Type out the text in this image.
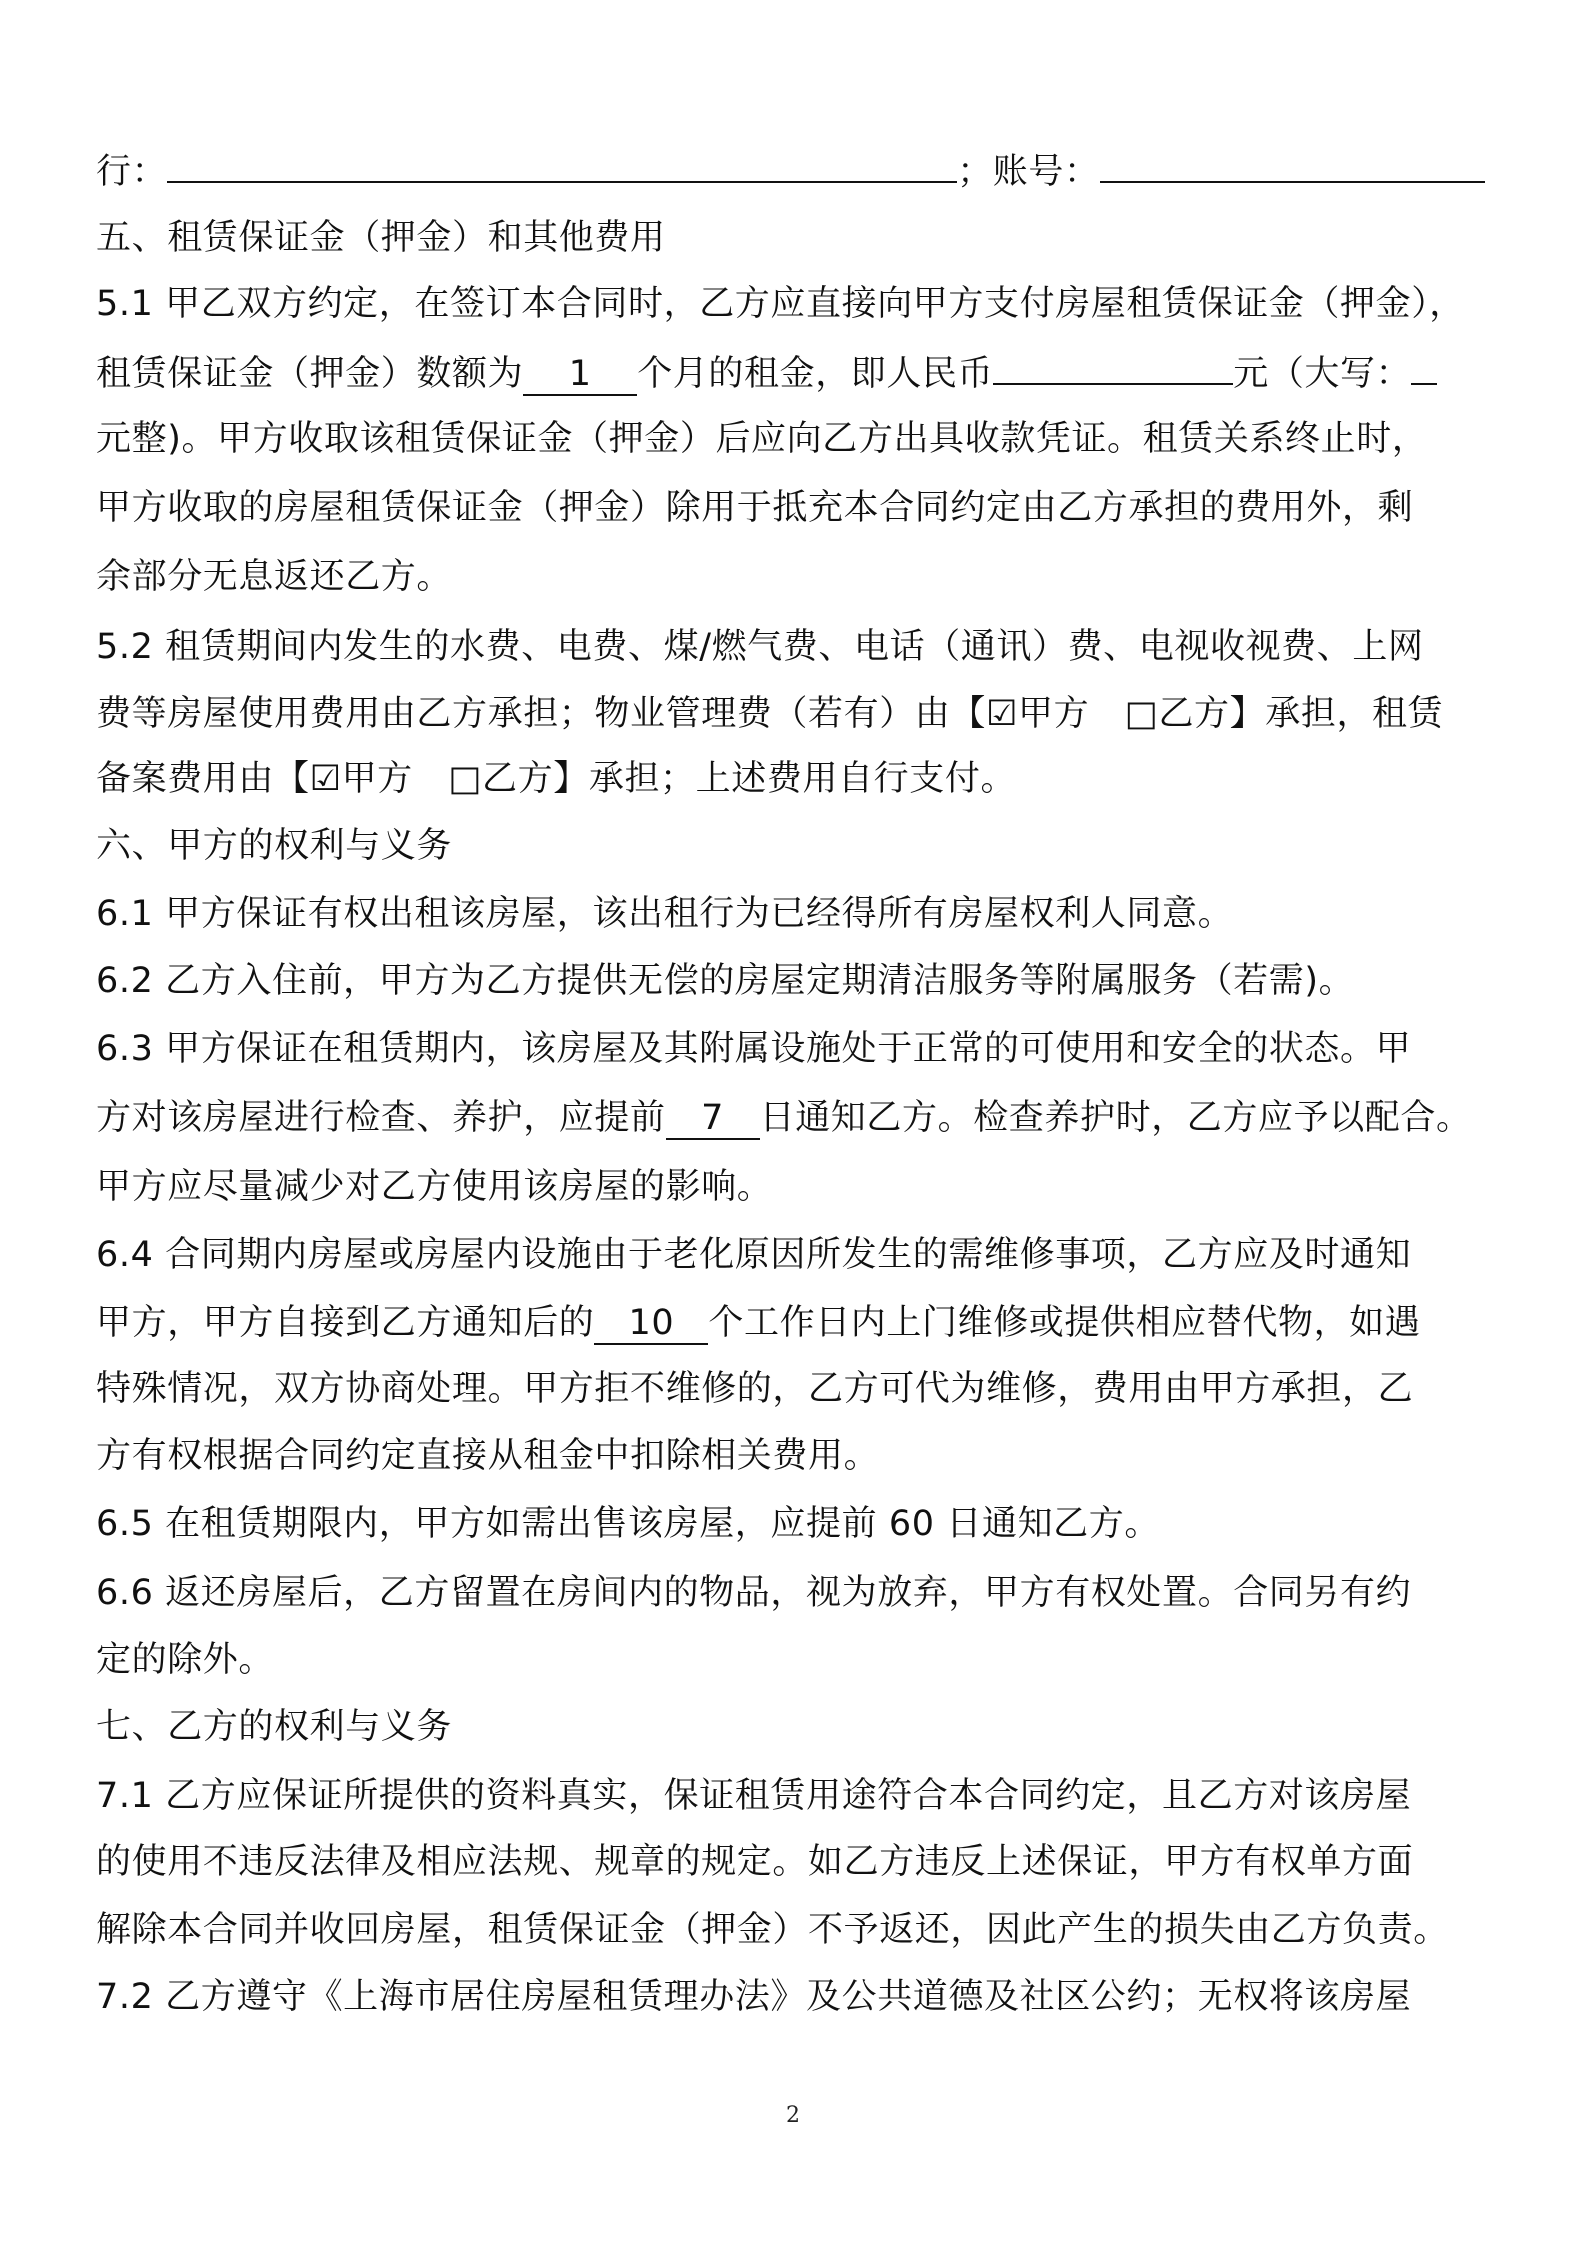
行：	；账号：
五、租赁保证金（押金）和其他费用
5.1 甲乙双方约定，在签订本合同时，乙方应直接向甲方支付房屋租赁保证金（押金），
租赁保证金（押金）数额为 1 个月的租金，即人民币	元（大写：
元整)。甲方收取该租赁保证金（押金）后应向乙方出具收款凭证。租赁关系终止时，
甲方收取的房屋租赁保证金（押金）除用于抵充本合同约定由乙方承担的费用外，剩
余部分无息返还乙方。
5.2 租赁期间内发生的水费、电费、煤/燃气费、电话（通讯）费、电视收视费、上网
费等房屋使用费用由乙方承担；物业管理费（若有）由【☑甲方　□乙方】承担，租赁
备案费用由【☑甲方　□乙方】承担；上述费用自行支付。
六、甲方的权利与义务
6.1 甲方保证有权出租该房屋，该出租行为已经得所有房屋权利人同意。
6.2 乙方入住前，甲方为乙方提供无偿的房屋定期清洁服务等附属服务（若需)。
6.3 甲方保证在租赁期内，该房屋及其附属设施处于正常的可使用和安全的状态。甲
方对该房屋进行检查、养护，应提前 7 日通知乙方。检查养护时，乙方应予以配合。
甲方应尽量减少对乙方使用该房屋的影响。
6.4 合同期内房屋或房屋内设施由于老化原因所发生的需维修事项，乙方应及时通知
甲方，甲方自接到乙方通知后的 10 个工作日内上门维修或提供相应替代物，如遇
特殊情况，双方协商处理。甲方拒不维修的，乙方可代为维修，费用由甲方承担，乙
方有权根据合同约定直接从租金中扣除相关费用。
6.5 在租赁期限内，甲方如需出售该房屋，应提前 60 日通知乙方。
6.6 返还房屋后，乙方留置在房间内的物品，视为放弃，甲方有权处置。合同另有约
定的除外。
七、乙方的权利与义务
7.1 乙方应保证所提供的资料真实，保证租赁用途符合本合同约定，且乙方对该房屋
的使用不违反法律及相应法规、规章的规定。如乙方违反上述保证，甲方有权单方面
解除本合同并收回房屋，租赁保证金（押金）不予返还，因此产生的损失由乙方负责。
7.2 乙方遵守《上海市居住房屋租赁理办法》及公共道德及社区公约；无权将该房屋
2
